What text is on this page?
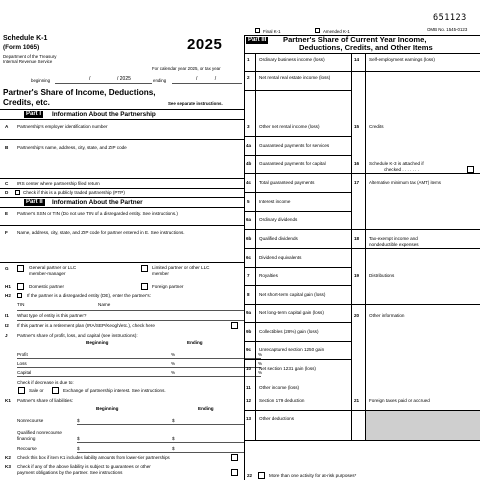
651123
OMB No. 1545-0123
Final K-1	Amended K-1
Schedule K-1
(Form 1065)
Department of the Treasury
Internal Revenue Service
2025
For calendar year 2025, or tax year
beginning	/	/ 2025	ending	/ /
Partner's Share of Income, Deductions,
Credits, etc.	See separate instructions.
Part I	Information About the Partnership
A Partnership's employer identification number
B Partnership's name, address, city, state, and ZIP code
C IRS center where partnership filed return
D	Check if this is a publicly traded partnership (PTP)
Part II	Information About the Partner
E Partner's SSN or TIN (Do not use TIN of a disregarded entity. See instructions.)
F Name, address, city, state, and ZIP code for partner entered in E. See instructions.
G	General partner or LLC
member-manager
Limited partner or other LLC
member
H1	Domestic partner	Foreign partner
H2	If the partner is a disregarded entity (DE), enter the partner's:
TIN	Name
I1 What type of entity is this partner?
I2 If this partner is a retirement plan (IRA/SEP/Keogh/etc.), check here
J Partner's share of profit, loss, and capital (see instructions):
Beginning	Ending
Profit	%	%
Loss	%	%
Capital	%	%
Check if decrease is due to:
Sale or	Exchange of partnership interest. See instructions.
K1 Partner's share of liabilities:
Beginning	Ending
Nonrecourse	$	$
Qualified nonrecourse
financing	$	$
Recourse	$	$
K2 Check this box if item K1 includes liability amounts from lower-tier partnerships
K3 Check if any of the above liability is subject to guarantees or other
payment obligations by the partner. See instructions
Part III Partner's Share of Current Year Income,
Deductions, Credits, and Other Items
1 Ordinary business income (loss)
2 Net rental real estate income (loss)
3 Other net rental income (loss)
4a Guaranteed payments for services
4b Guaranteed payments for capital
4c Total guaranteed payments
5 Interest income
6a Ordinary dividends
6b Qualified dividends
6c Dividend equivalents
7 Royalties
8 Net short-term capital gain (loss)
9a Net long-term capital gain (loss)
9b Collectibles (28%) gain (loss)
9c Unrecaptured section 1250 gain
10 Net section 1231 gain (loss)
11 Other income (loss)
12 Section 179 deduction
13 Other deductions
14 Self-employment earnings (loss)
15 Credits
16 Schedule K-3 is attached if
checked . . . . . . .
17 Alternative minimum tax (AMT) items
18 Tax-exempt income and
nondeductible expenses
19 Distributions
20 Other information
21 Foreign taxes paid or accrued
22	More than one activity for at-risk purposes*
